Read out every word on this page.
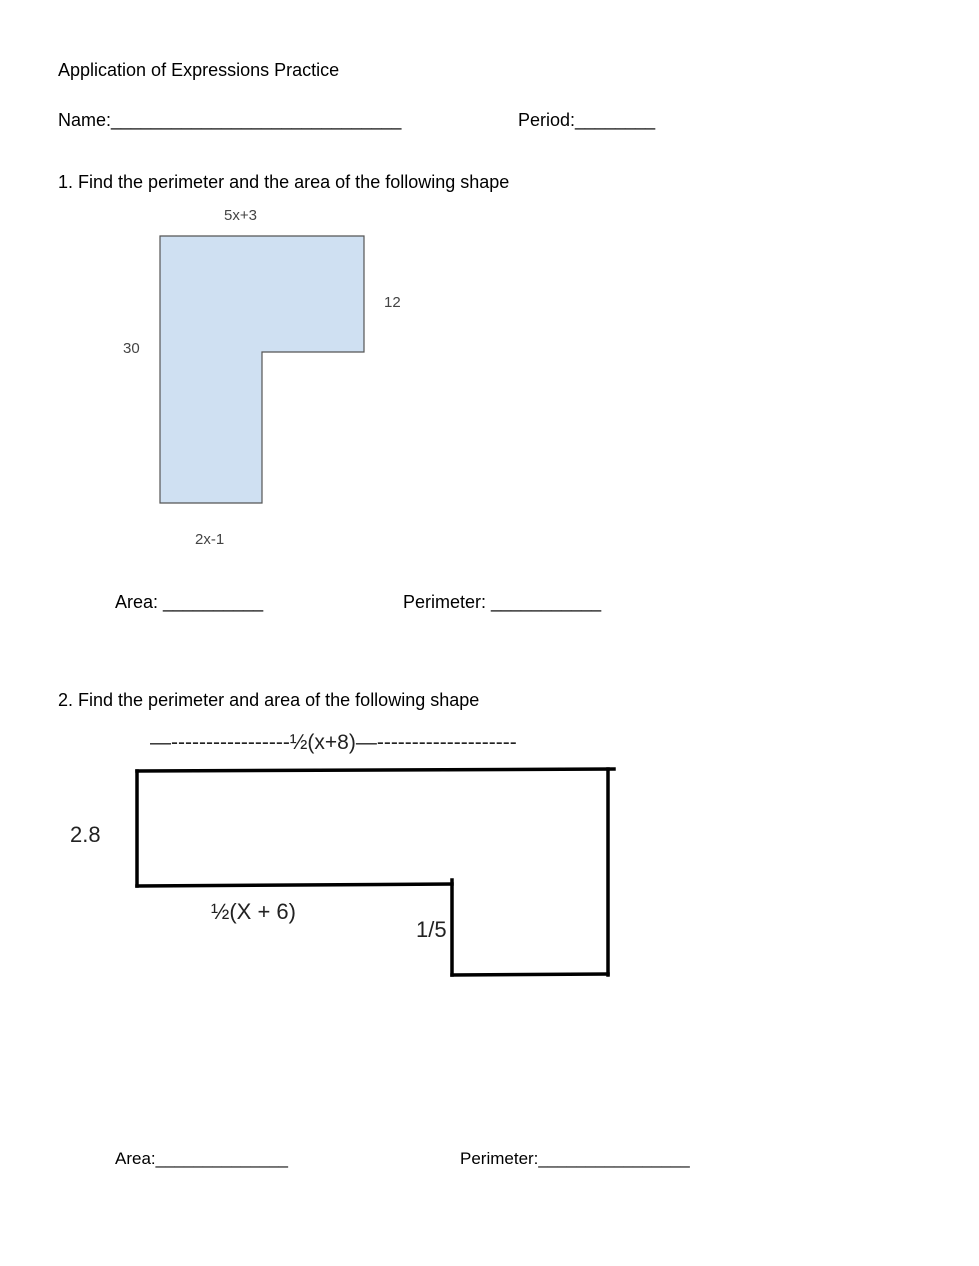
Application of Expressions Practice
Name:_____________________________	Period:________
1. Find the perimeter and the area of the following shape
5x+3
12
30
2x-1
Area: __________	Perimeter: ___________
2. Find the perimeter and area of the following shape
—-----------------½(x+8)—--------------------
2.8
½(X + 6)
1/5
Area:______________	Perimeter:________________
